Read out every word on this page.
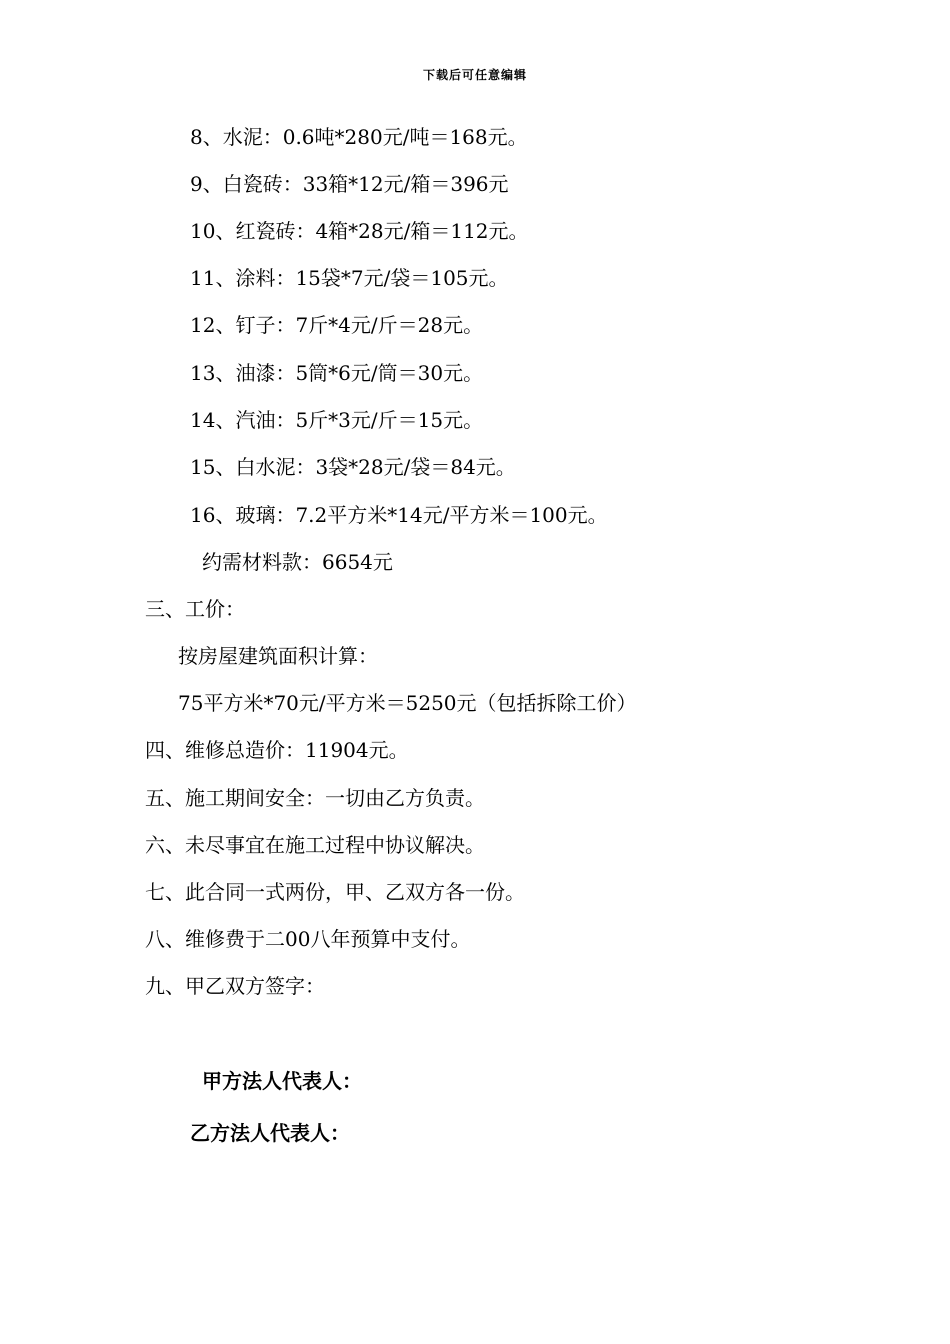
下载后可任意编辑
8、水泥：0.6吨*280元/吨＝168元。
9、白瓷砖：33箱*12元/箱＝396元
10、红瓷砖：4箱*28元/箱＝112元。
11、涂料：15袋*7元/袋＝105元。
12、钉子：7斤*4元/斤＝28元。
13、油漆：5筒*6元/筒＝30元。
14、汽油：5斤*3元/斤＝15元。
15、白水泥：3袋*28元/袋＝84元。
16、玻璃：7.2平方米*14元/平方米＝100元。
约需材料款：6654元
三、工价：
按房屋建筑面积计算：
75平方米*70元/平方米＝5250元（包括拆除工价）
四、维修总造价：11904元。
五、施工期间安全：一切由乙方负责。
六、未尽事宜在施工过程中协议解决。
七、此合同一式两份，甲、乙双方各一份。
八、维修费于二00八年预算中支付。
九、甲乙双方签字：
甲方法人代表人：
乙方法人代表人：
